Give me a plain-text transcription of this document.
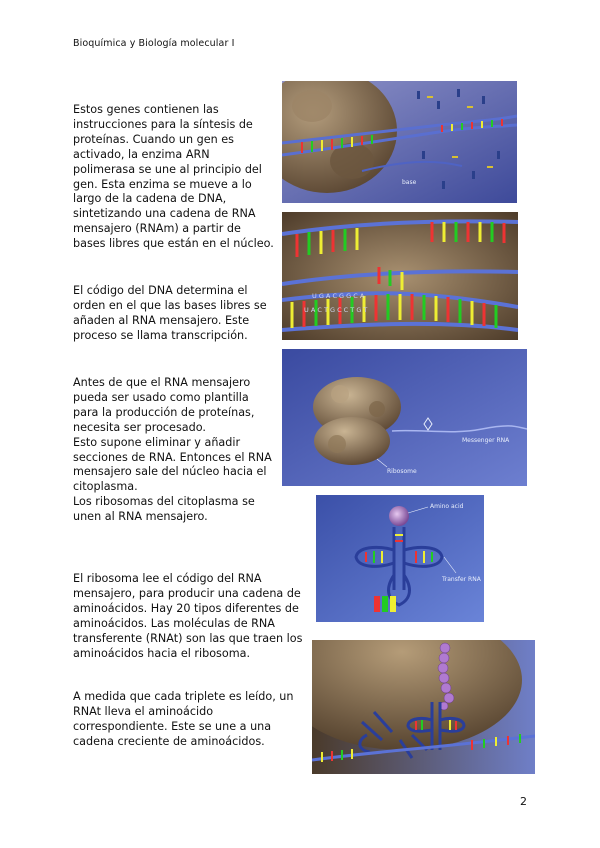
Bioquímica y Biología molecular I
Estos genes contienen las
instrucciones para la síntesis de
proteínas. Cuando un gen es
activado, la enzima ARN
polimerasa se une al principio del
gen. Esta enzima se mueve a lo
largo de la cadena de DNA,
sintetizando una cadena de RNA
mensajero (RNAm) a partir de
bases libres que están en el núcleo.
El código del DNA determina el
orden en el que las bases libres se
añaden al RNA mensajero. Este
proceso se llama transcripción.
Antes de que el RNA mensajero
pueda ser usado como plantilla
para la producción de proteínas,
necesita ser procesado.
Esto supone eliminar y añadir
secciones de RNA. Entonces el RNA
mensajero sale del núcleo hacia el
citoplasma.
Los ribosomas del citoplasma se
unen al RNA mensajero.
El ribosoma lee el código del RNA
mensajero, para producir una cadena de
aminoácidos. Hay 20 tipos diferentes de
aminoácidos. Las moléculas de RNA
transferente (RNAt) son las que traen los
aminoácidos hacia el ribosoma.
A medida que cada triplete es leído, un
RNAt lleva el aminoácido
correspondiente. Este se une a una
cadena creciente de aminoácidos.
base
U G A C G G C A
U A C T G C C T G T
Ribosome
Messenger RNA
Amino acid
Transfer RNA
2
